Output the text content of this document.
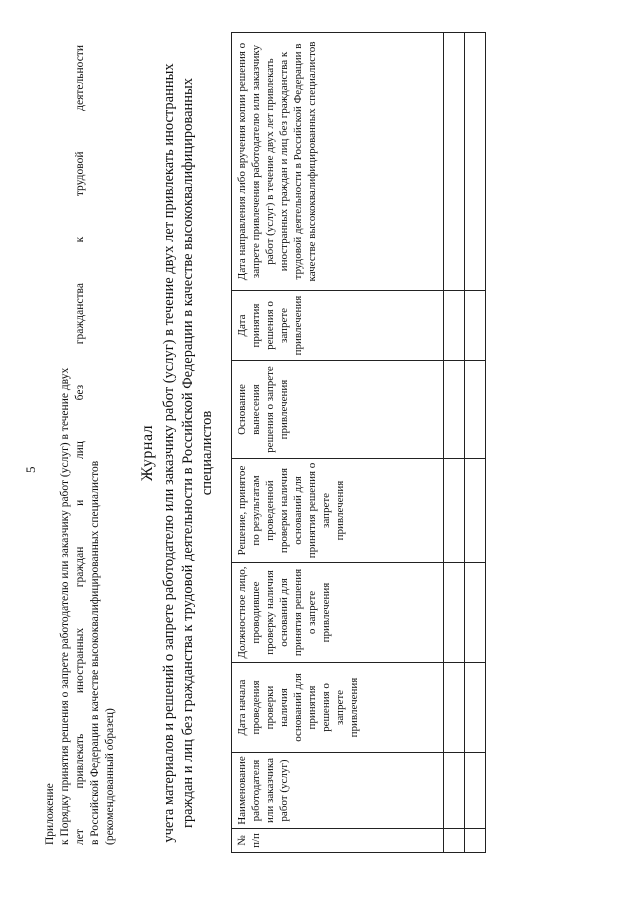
5
Приложение к Порядку принятия решения о запрете работодателю или заказчику работ (услуг) в течение двух лет привлекать иностранных граждан и лиц без гражданства к трудовой деятельности в Российской Федерации в качестве высококвалифицированных специалистов (рекомендованный образец)
Журнал учета материалов и решений о запрете работодателю или заказчику работ (услуг) в течение двух лет привлекать иностранных граждан и лиц без гражданства к трудовой деятельности в Российской Федерации в качестве высококвалифицированных специалистов
№ п/п	Наименование работодателя или заказчика работ (услуг)	Дата начала проведения проверки наличия оснований для принятия решения о запрете привлечения	Должностное лицо, проводившее проверку наличия оснований для принятия решения о запрете привлечения	Решение, принятое по результатам проведенной проверки наличия оснований для принятия решения о запрете привлечения	Основание вынесения решения о запрете привлечения	Дата принятия решения о запрете привлечения	Дата направления либо вручения копии решения о запрете привлечения работодателю или заказчику работ (услуг) в течение двух лет привлекать иностранных граждан и лиц без гражданства к трудовой деятельности в Российской Федерации в качестве высококвалифицированных специалистов
